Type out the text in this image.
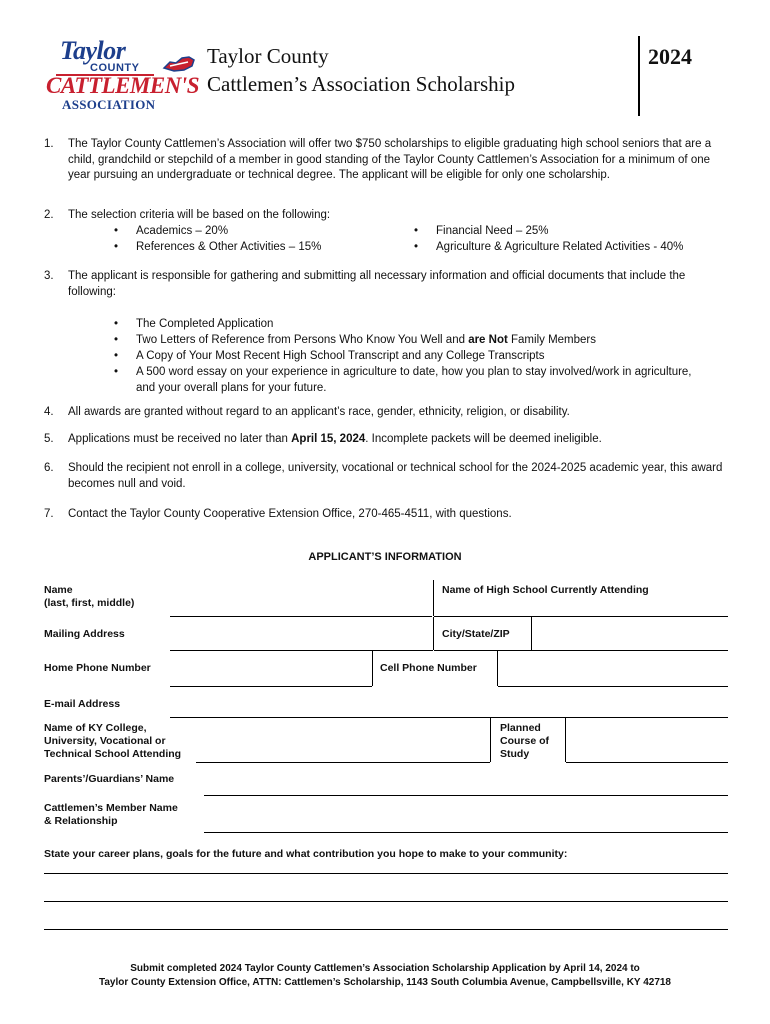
Taylor
COUNTY
CATTLEMEN'S
ASSOCIATION
Taylor County
Cattlemen’s Association Scholarship
2024
1. The Taylor County Cattlemen’s Association will offer two $750 scholarships to eligible graduating high school seniors that are a child, grandchild or stepchild of a member in good standing of the Taylor County Cattlemen’s Association for a minimum of one year pursuing an undergraduate or technical degree. The applicant will be eligible for only one scholarship.
2. The selection criteria will be based on the following:
• Academics – 20%
• References & Other Activities – 15%
• Financial Need – 25%
• Agriculture & Agriculture Related Activities - 40%
3. The applicant is responsible for gathering and submitting all necessary information and official documents that include the following:
• The Completed Application
• Two Letters of Reference from Persons Who Know You Well and are Not Family Members
• A Copy of Your Most Recent High School Transcript and any College Transcripts
• A 500 word essay on your experience in agriculture to date, how you plan to stay involved/work in agriculture, and your overall plans for your future.
4. All awards are granted without regard to an applicant’s race, gender, ethnicity, religion, or disability.
5. Applications must be received no later than April 15, 2024. Incomplete packets will be deemed ineligible.
6. Should the recipient not enroll in a college, university, vocational or technical school for the 2024-2025 academic year, this award becomes null and void.
7. Contact the Taylor County Cooperative Extension Office, 270-465-4511, with questions.
APPLICANT’S INFORMATION
Name
(last, first, middle)
Name of High School Currently Attending
Mailing Address	City/State/ZIP
Home Phone Number	Cell Phone Number
E-mail Address
Name of KY College,
University, Vocational or
Technical School Attending
Planned
Course of
Study
Parents’/Guardians’ Name
Cattlemen’s Member Name
& Relationship
State your career plans, goals for the future and what contribution you hope to make to your community:
Submit completed 2024 Taylor County Cattlemen’s Association Scholarship Application by April 14, 2024 to
Taylor County Extension Office, ATTN: Cattlemen’s Scholarship, 1143 South Columbia Avenue, Campbellsville, KY 42718
